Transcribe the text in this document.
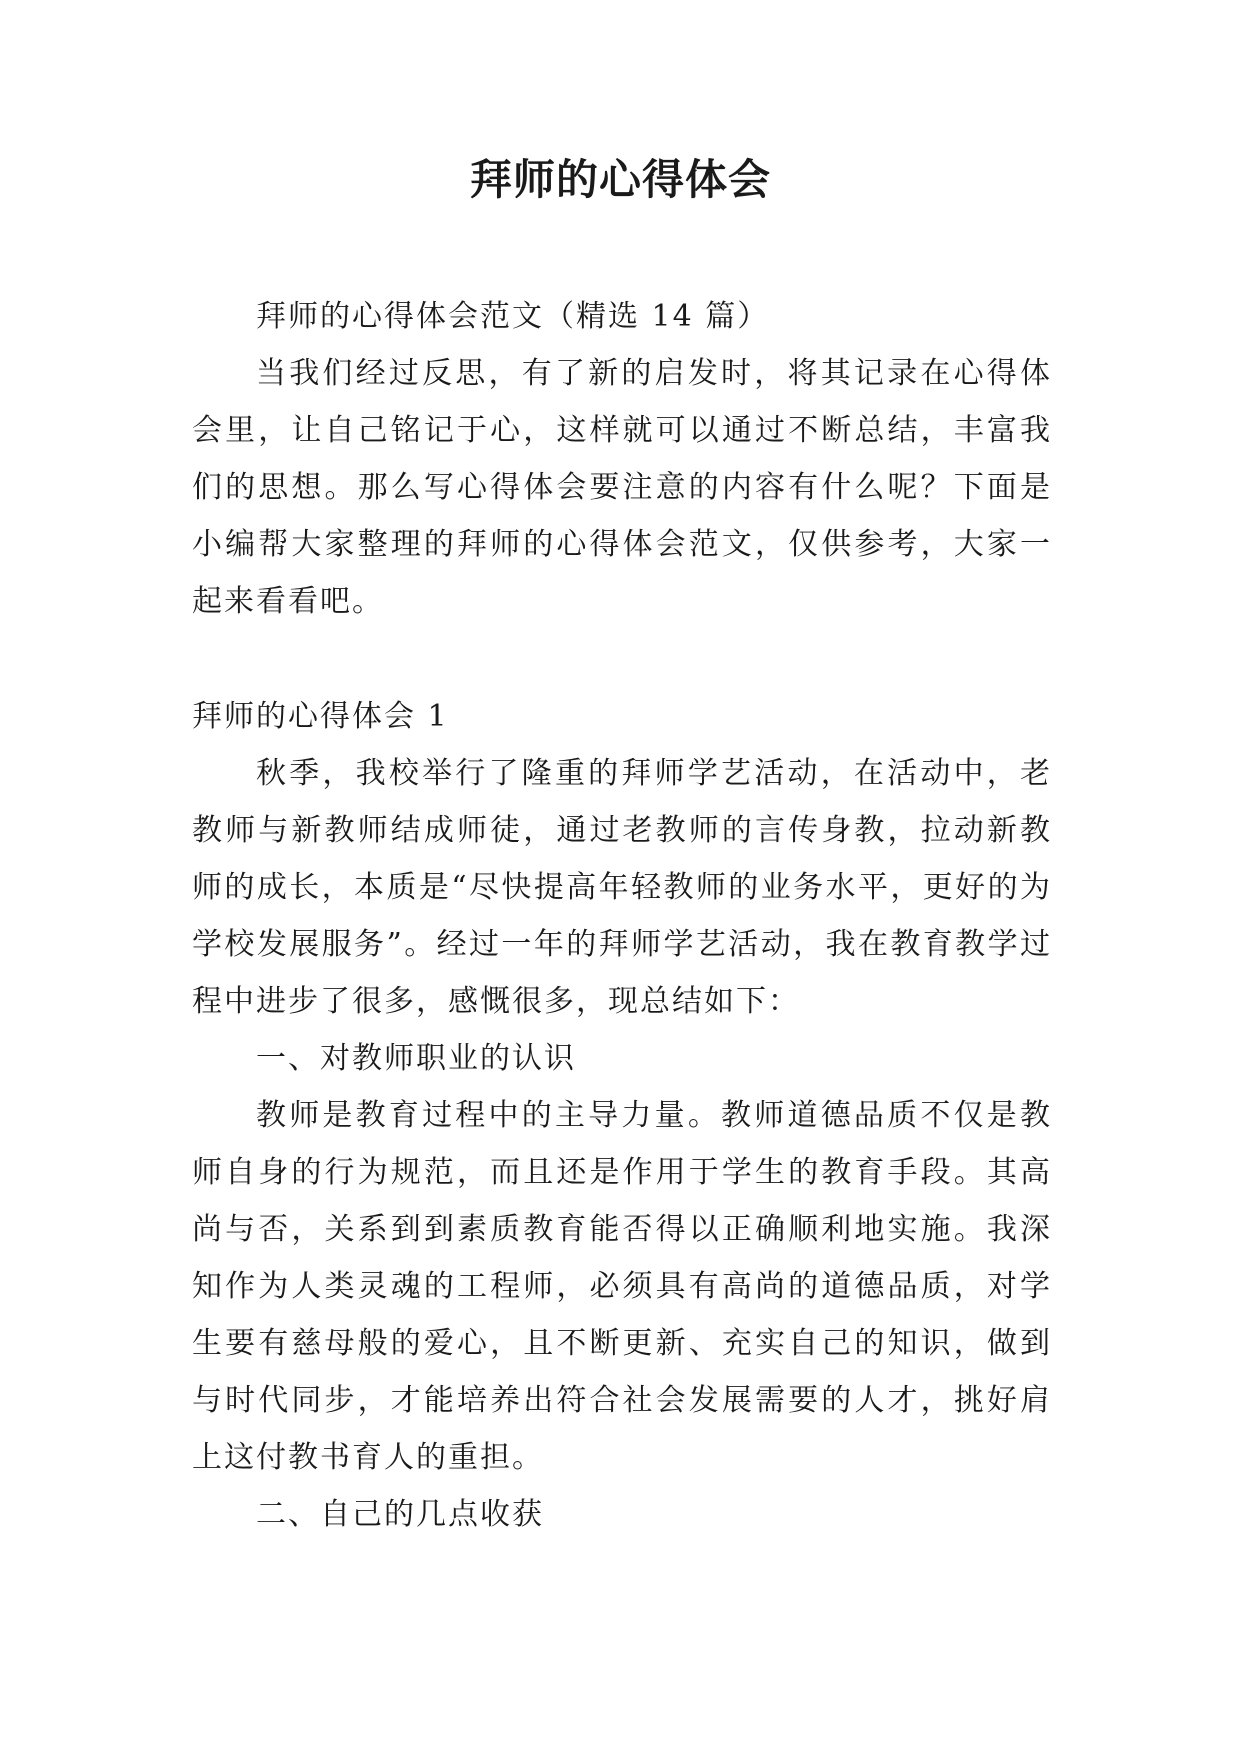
拜师的心得体会

拜师的心得体会范文（精选 14 篇）

当我们经过反思，有了新的启发时，将其记录在心得体会里，让自己铭记于心，这样就可以通过不断总结，丰富我们的思想。那么写心得体会要注意的内容有什么呢？下面是小编帮大家整理的拜师的心得体会范文，仅供参考，大家一起来看看吧。

拜师的心得体会 1

秋季，我校举行了隆重的拜师学艺活动，在活动中，老教师与新教师结成师徒，通过老教师的言传身教，拉动新教师的成长，本质是“尽快提高年轻教师的业务水平，更好的为学校发展服务”。经过一年的拜师学艺活动，我在教育教学过程中进步了很多，感慨很多，现总结如下：

一、对教师职业的认识

教师是教育过程中的主导力量。教师道德品质不仅是教师自身的行为规范，而且还是作用于学生的教育手段。其高尚与否，关系到到素质教育能否得以正确顺利地实施。我深知作为人类灵魂的工程师，必须具有高尚的道德品质，对学生要有慈母般的爱心，且不断更新、充实自己的知识，做到与时代同步，才能培养出符合社会发展需要的人才，挑好肩上这付教书育人的重担。

二、自己的几点收获
